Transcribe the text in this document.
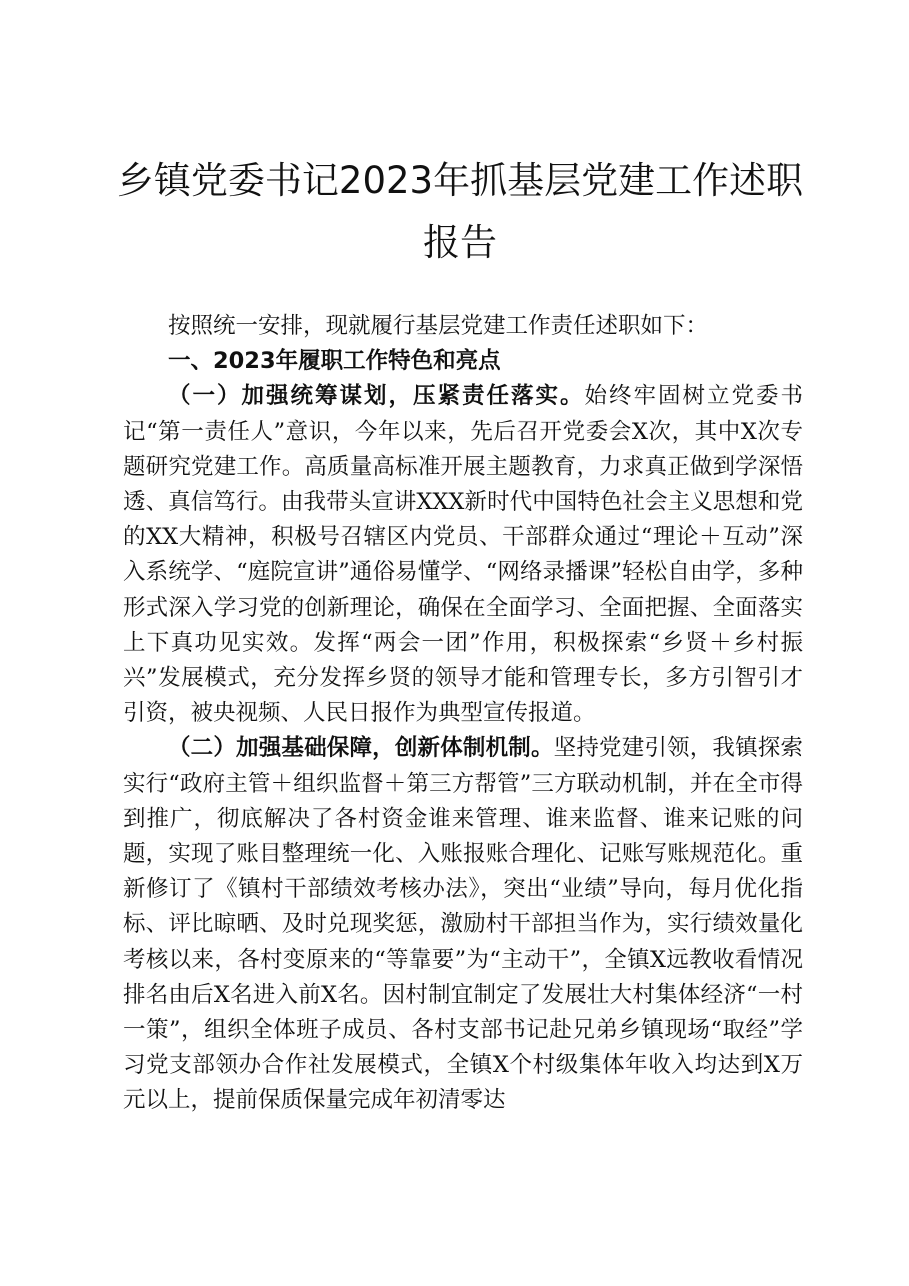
乡镇党委书记2023年抓基层党建工作述职报告

按照统一安排，现就履行基层党建工作责任述职如下：

一、2023年履职工作特色和亮点

（一）加强统筹谋划，压紧责任落实。始终牢固树立党委书记“第一责任人”意识，今年以来，先后召开党委会X次，其中X次专题研究党建工作。高质量高标准开展主题教育，力求真正做到学深悟透、真信笃行。由我带头宣讲XXX新时代中国特色社会主义思想和党的XX大精神，积极号召辖区内党员、干部群众通过“理论＋互动”深入系统学、“庭院宣讲”通俗易懂学、“网络录播课”轻松自由学，多种形式深入学习党的创新理论，确保在全面学习、全面把握、全面落实上下真功见实效。发挥“两会一团”作用，积极探索“乡贤＋乡村振兴”发展模式，充分发挥乡贤的领导才能和管理专长，多方引智引才引资，被央视频、人民日报作为典型宣传报道。

（二）加强基础保障，创新体制机制。坚持党建引领，我镇探索实行“政府主管＋组织监督＋第三方帮管”三方联动机制，并在全市得到推广，彻底解决了各村资金谁来管理、谁来监督、谁来记账的问题，实现了账目整理统一化、入账报账合理化、记账写账规范化。重新修订了《镇村干部绩效考核办法》，突出“业绩”导向，每月优化指标、评比晾晒、及时兑现奖惩，激励村干部担当作为，实行绩效量化考核以来，各村变原来的“等靠要”为“主动干”，全镇X远教收看情况排名由后X名进入前X名。因村制宜制定了发展壮大村集体经济“一村一策”，组织全体班子成员、各村支部书记赴兄弟乡镇现场“取经”学习党支部领办合作社发展模式，全镇X个村级集体年收入均达到X万元以上，提前保质保量完成年初清零达
